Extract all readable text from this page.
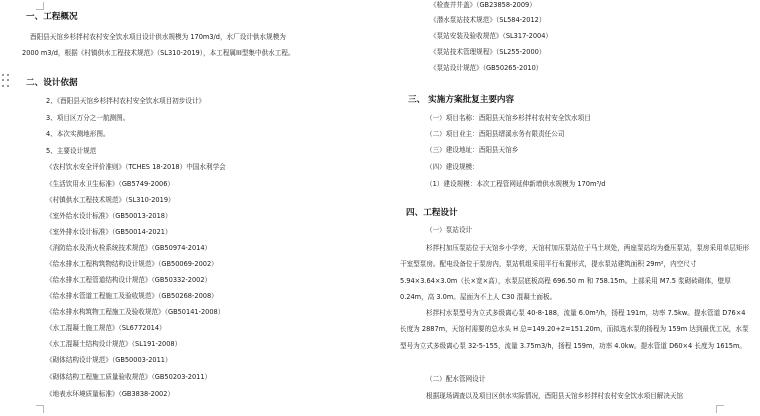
一、工程概况
酉阳县天馆乡杉拌村农村安全饮水项目设计供水规模为 170m3/d，水厂设计供水规模为
2000 m3/d，根据《村镇供水工程技术规范》（SL310-2019），本工程属III型集中供水工程。
二、设计依据
2、《酉阳县天馆乡杉拌村农村安全饮水项目初步设计》
3、项目区万分之一航测图。
4、本次实测地形图。
5、主要设计规范
《农村饮水安全评价准则》（TCHES 18-2018）中国水利学会
《生活饮用水卫生标准》（GB5749-2006）
《村镇供水工程技术规范》（SL310-2019）
《室外给水设计标准》（GB50013-2018）
《室外排水设计标准》（GB50014-2021）
《消防给水及消火栓系统技术规范》（GB50974-2014）
《给水排水工程构筑物结构设计规范》（GB50069-2002）
《给水排水工程管道结构设计规范》（GB50332-2002）
《给水排水管道工程施工及验收规范》（GB50268-2008）
《给水排水构筑物工程施工及验收规范》（GB50141-2008）
《水工混凝土施工规范》（SL6772014）
《水工混凝土结构设计规范》（SL191-2008）
《砌体结构设计规范》（GB50003-2011）
《砌体结构工程施工质量验收规范》（GB50203-2011）
《地表水环境质量标准》（GB3838-2002）
《检查井井盖》（GB23858-2009）
《潜水泵站技术规范》（SL584-2012）
《泵站安装及验收规范》（SL317-2004）
《泵站技术管理规程》（SL255-2000）
《泵站设计规范》（GB50265-2010）
三、 实施方案批复主要内容
（一）项目名称：酉阳县天馆乡杉拌村农村安全饮水项目
（二）项目业主：酉阳县缙溪水务有限责任公司
（三）建设地址：酉阳县天馆乡
（四）建设规模：
（1）建设规模：本次工程管网延伸新增供水规模为 170m³/d
四、工程设计
（一）泵站设计
杉拌村加压泵站位于天馆乡小学旁，天馆村加压泵站位于马土坝处，两座泵站均为叠压泵站，泵房采用单层矩形干室型泵房。配电设备位于泵房内，泵站机组采用平行布置形式，提水泵站建筑面积 29m²，内空尺寸 5.94×3.64×3.0m（长×宽×高），水泵层底板高程 696.50 m 和 758.15m。上部采用 M7.5 浆砌砖砌体，壁厚 0.24m，高 3.0m。屋面为不上人 C30 混凝土面板。
杉拌村水泵型号为立式多级离心泵 40-8-188，流量 6.0m³/h，扬程 191m，功率 7.5kw。提水管道 D76×4 长度为 2887m，天馆村需要的总水头 H 总=149.20+2=151.20m，而拟选水泵的扬程为 159m 达到最优工况，水泵型号为立式多级离心泵 32-5-155，流量 3.75m3/h，扬程 159m，功率 4.0kw。提水管道 D60×4 长度为 1615m。
（二）配水管网设计
根据现场调查以及项目区供水实际情况，酉阳县天馆乡杉拌村农村安全饮水项目解决天馆
